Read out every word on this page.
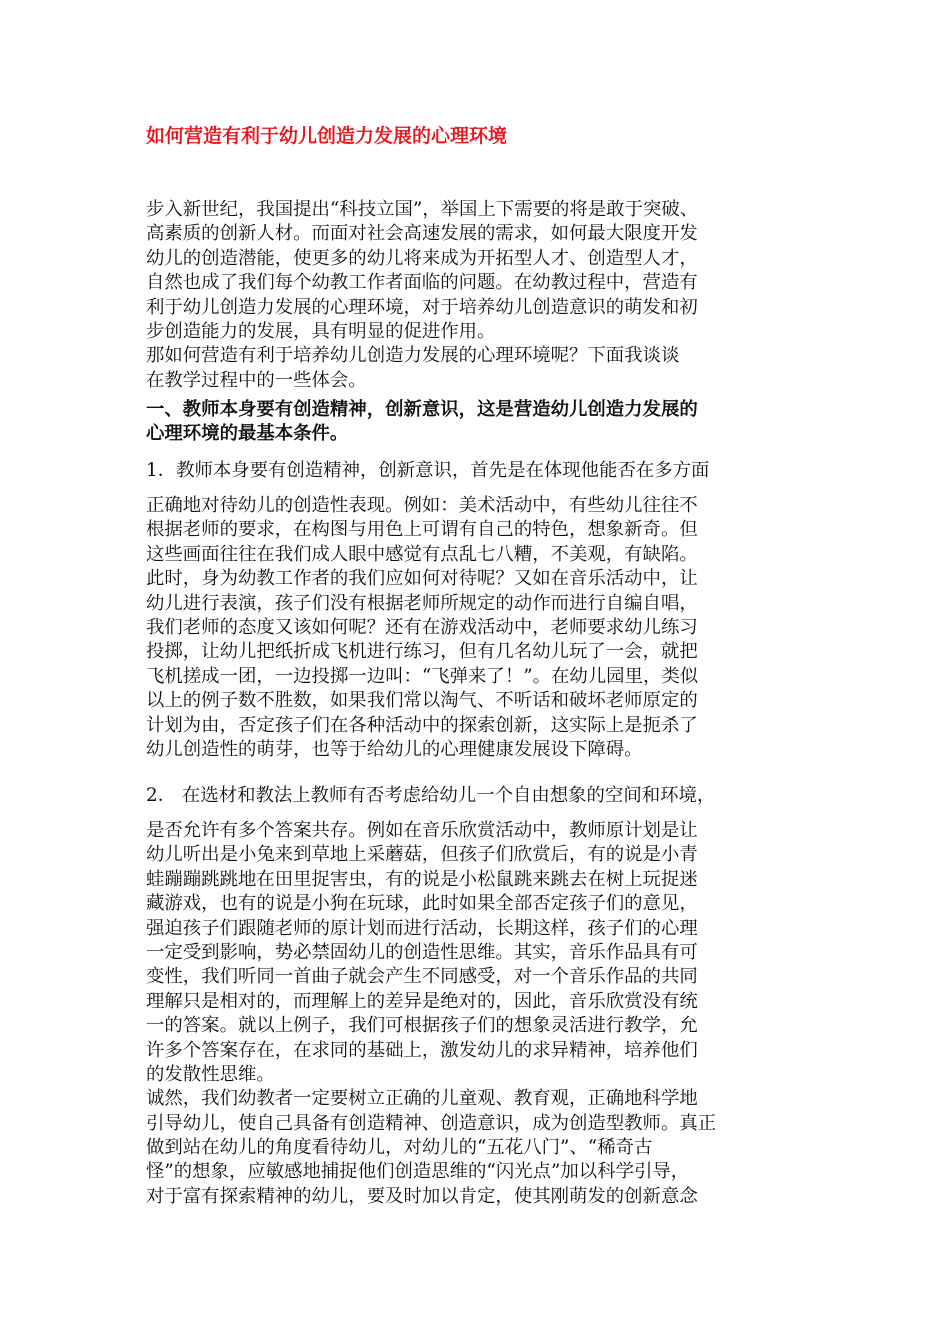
如何营造有利于幼儿创造力发展的心理环境
步入新世纪，我国提出“科技立国”，举国上下需要的将是敢于突破、
高素质的创新人材。而面对社会高速发展的需求，如何最大限度开发
幼儿的创造潜能，使更多的幼儿将来成为开拓型人才、创造型人才，
自然也成了我们每个幼教工作者面临的问题。在幼教过程中，营造有
利于幼儿创造力发展的心理环境，对于培养幼儿创造意识的萌发和初
步创造能力的发展，具有明显的促进作用。
那如何营造有利于培养幼儿创造力发展的心理环境呢？下面我谈谈
在教学过程中的一些体会。
一、教师本身要有创造精神，创新意识，这是营造幼儿创造力发展的
心理环境的最基本条件。
1．教师本身要有创造精神，创新意识，首先是在体现他能否在多方面
正确地对待幼儿的创造性表现。例如：美术活动中，有些幼儿往往不
根据老师的要求，在构图与用色上可谓有自己的特色，想象新奇。但
这些画面往往在我们成人眼中感觉有点乱七八糟，不美观，有缺陷。
此时，身为幼教工作者的我们应如何对待呢？又如在音乐活动中，让
幼儿进行表演，孩子们没有根据老师所规定的动作而进行自编自唱，
我们老师的态度又该如何呢？还有在游戏活动中，老师要求幼儿练习
投掷，让幼儿把纸折成飞机进行练习，但有几名幼儿玩了一会，就把
飞机搓成一团，一边投掷一边叫：“飞弹来了！”。在幼儿园里，类似
以上的例子数不胜数，如果我们常以淘气、不听话和破坏老师原定的
计划为由，否定孩子们在各种活动中的探索创新，这实际上是扼杀了
幼儿创造性的萌芽，也等于给幼儿的心理健康发展设下障碍。
2． 在选材和教法上教师有否考虑给幼儿一个自由想象的空间和环境，
是否允许有多个答案共存。例如在音乐欣赏活动中，教师原计划是让
幼儿听出是小兔来到草地上采蘑菇，但孩子们欣赏后，有的说是小青
蛙蹦蹦跳跳地在田里捉害虫，有的说是小松鼠跳来跳去在树上玩捉迷
藏游戏，也有的说是小狗在玩球，此时如果全部否定孩子们的意见，
强迫孩子们跟随老师的原计划而进行活动，长期这样，孩子们的心理
一定受到影响，势必禁固幼儿的创造性思维。其实，音乐作品具有可
变性，我们听同一首曲子就会产生不同感受，对一个音乐作品的共同
理解只是相对的，而理解上的差异是绝对的，因此，音乐欣赏没有统
一的答案。就以上例子，我们可根据孩子们的想象灵活进行教学，允
许多个答案存在，在求同的基础上，激发幼儿的求异精神，培养他们
的发散性思维。
诚然，我们幼教者一定要树立正确的儿童观、教育观，正确地科学地
引导幼儿，使自己具备有创造精神、创造意识，成为创造型教师。真正
做到站在幼儿的角度看待幼儿，对幼儿的“五花八门”、“稀奇古
怪”的想象，应敏感地捕捉他们创造思维的“闪光点”加以科学引导，
对于富有探索精神的幼儿，要及时加以肯定，使其刚萌发的创新意念
